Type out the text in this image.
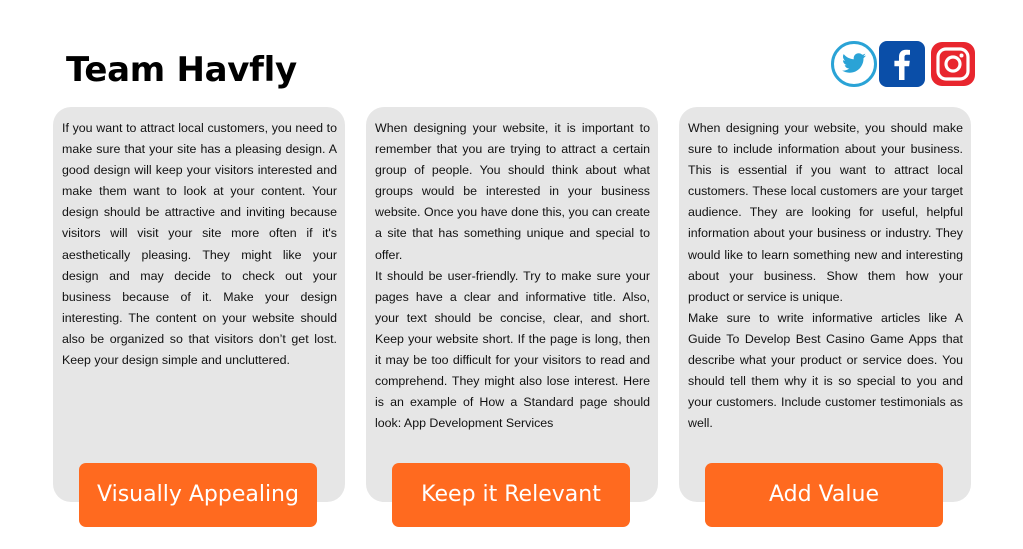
Team Havfly

If you want to attract local customers, you need to make sure that your site has a pleasing design. A good design will keep your visitors interested and make them want to look at your content. Your design should be attractive and inviting because visitors will visit your site more often if it's aesthetically pleasing. They might like your design and may decide to check out your business because of it. Make your design interesting. The content on your website should also be organized so that visitors don’t get lost. Keep your design simple and uncluttered.

When designing your website, it is important to remember that you are trying to attract a certain group of people. You should think about what groups would be interested in your business website. Once you have done this, you can create a site that has something unique and special to offer.

It should be user-friendly. Try to make sure your pages have a clear and informative title. Also, your text should be concise, clear, and short. Keep your website short. If the page is long, then it may be too difficult for your visitors to read and comprehend. They might also lose interest. Here is an example of How a Standard page should look: App Development Services

When designing your website, you should make sure to include information about your business. This is essential if you want to attract local customers. These local customers are your target audience. They are looking for useful, helpful information about your business or industry. They would like to learn something new and interesting about your business. Show them how your product or service is unique.

Make sure to write informative articles like A Guide To Develop Best Casino Game Apps that describe what your product or service does. You should tell them why it is so special to you and your customers. Include customer testimonials as well.

Visually Appealing	Keep it Relevant	Add Value
